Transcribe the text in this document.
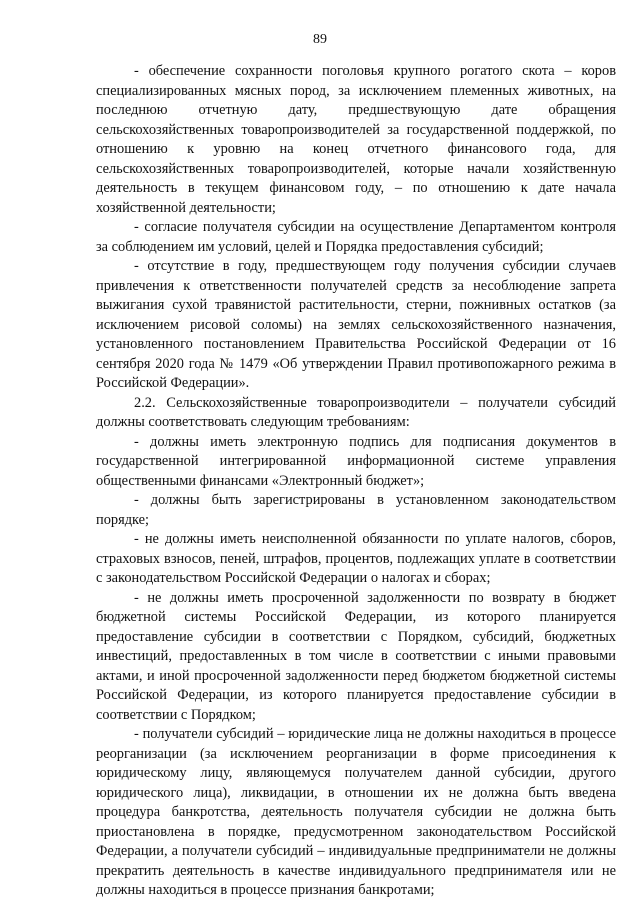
89

- обеспечение сохранности поголовья крупного рогатого скота – коров специализированных мясных пород, за исключением племенных животных, на последнюю отчетную дату, предшествующую дате обращения сельскохозяйственных товаропроизводителей за государственной поддержкой, по отношению к уровню на конец отчетного финансового года, для сельскохозяйственных товаропроизводителей, которые начали хозяйственную деятельность в текущем финансовом году, – по отношению к дате начала хозяйственной деятельности;

- согласие получателя субсидии на осуществление Департаментом контроля за соблюдением им условий, целей и Порядка предоставления субсидий;

- отсутствие в году, предшествующем году получения субсидии случаев привлечения к ответственности получателей средств за несоблюдение запрета выжигания сухой травянистой растительности, стерни, пожнивных остатков (за исключением рисовой соломы) на землях сельскохозяйственного назначения, установленного постановлением Правительства Российской Федерации от 16 сентября 2020 года № 1479 «Об утверждении Правил противопожарного режима в Российской Федерации».

2.2. Сельскохозяйственные товаропроизводители – получатели субсидий должны соответствовать следующим требованиям:

- должны иметь электронную подпись для подписания документов в государственной интегрированной информационной системе управления общественными финансами «Электронный бюджет»;

- должны быть зарегистрированы в установленном законодательством порядке;

- не должны иметь неисполненной обязанности по уплате налогов, сборов, страховых взносов, пеней, штрафов, процентов, подлежащих уплате в соответствии с законодательством Российской Федерации о налогах и сборах;

- не должны иметь просроченной задолженности по возврату в бюджет бюджетной системы Российской Федерации, из которого планируется предоставление субсидии в соответствии с Порядком, субсидий, бюджетных инвестиций, предоставленных в том числе в соответствии с иными правовыми актами, и иной просроченной задолженности перед бюджетом бюджетной системы Российской Федерации, из которого планируется предоставление субсидии в соответствии с Порядком;

- получатели субсидий – юридические лица не должны находиться в процессе реорганизации (за исключением реорганизации в форме присоединения к юридическому лицу, являющемуся получателем данной субсидии, другого юридического лица), ликвидации, в отношении их не должна быть введена процедура банкротства, деятельность получателя субсидии не должна быть приостановлена в порядке, предусмотренном законодательством Российской Федерации, а получатели субсидий – индивидуальные предприниматели не должны прекратить деятельность в качестве индивидуального предпринимателя или не должны находиться в процессе признания банкротами;
